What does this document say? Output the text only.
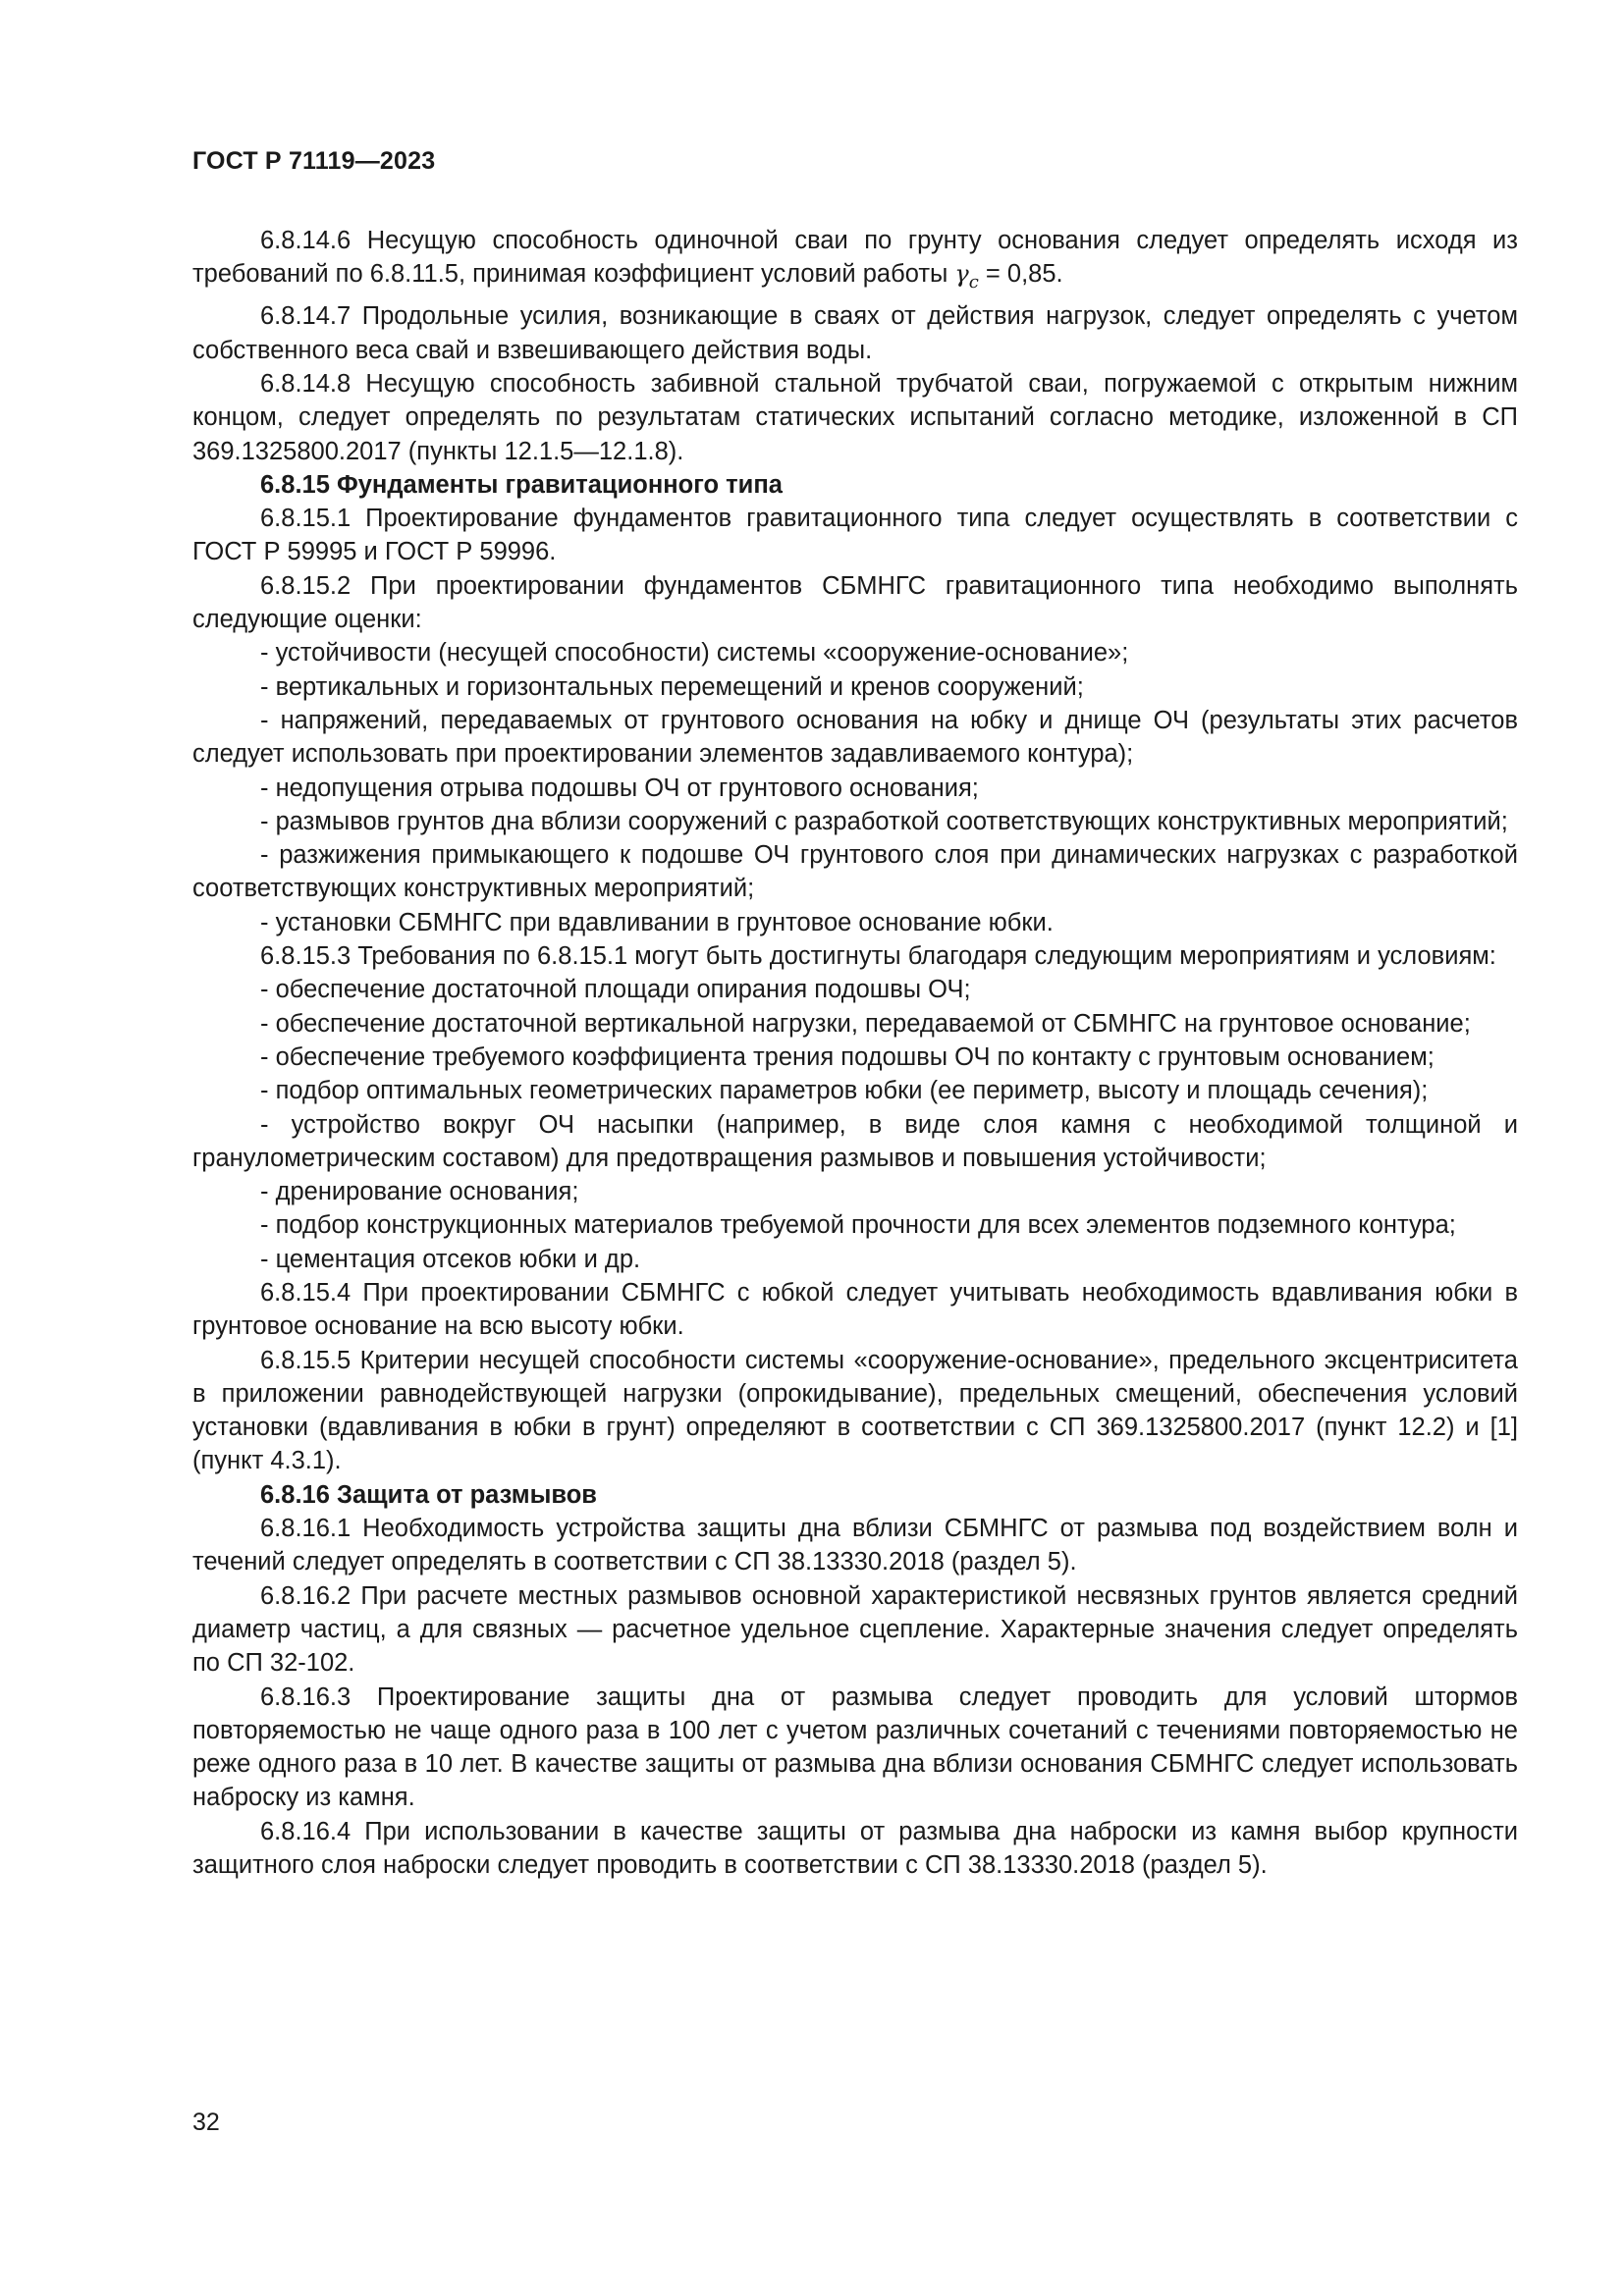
ГОСТ Р 71119—2023

6.8.14.6 Несущую способность одиночной сваи по грунту основания следует определять исходя из требований по 6.8.11.5, принимая коэффициент условий работы $\gamma_c = 0,85$.

6.8.14.7 Продольные усилия, возникающие в сваях от действия нагрузок, следует определять с учетом собственного веса свай и взвешивающего действия воды.

6.8.14.8 Несущую способность забивной стальной трубчатой сваи, погружаемой с открытым нижним концом, следует определять по результатам статических испытаний согласно методике, изложенной в СП 369.1325800.2017 (пункты 12.1.5—12.1.8).

6.8.15 Фундаменты гравитационного типа

6.8.15.1 Проектирование фундаментов гравитационного типа следует осуществлять в соответствии с ГОСТ Р 59995 и ГОСТ Р 59996.

6.8.15.2 При проектировании фундаментов СБМНГС гравитационного типа необходимо выполнять следующие оценки:

- устойчивости (несущей способности) системы «сооружение-основание»;

- вертикальных и горизонтальных перемещений и кренов сооружений;

- напряжений, передаваемых от грунтового основания на юбку и днище ОЧ (результаты этих расчетов следует использовать при проектировании элементов задавливаемого контура);

- недопущения отрыва подошвы ОЧ от грунтового основания;

- размывов грунтов дна вблизи сооружений с разработкой соответствующих конструктивных мероприятий;

- разжижения примыкающего к подошве ОЧ грунтового слоя при динамических нагрузках с разработкой соответствующих конструктивных мероприятий;

- установки СБМНГС при вдавливании в грунтовое основание юбки.

6.8.15.3 Требования по 6.8.15.1 могут быть достигнуты благодаря следующим мероприятиям и условиям:

- обеспечение достаточной площади опирания подошвы ОЧ;

- обеспечение достаточной вертикальной нагрузки, передаваемой от СБМНГС на грунтовое основание;

- обеспечение требуемого коэффициента трения подошвы ОЧ по контакту с грунтовым основанием;

- подбор оптимальных геометрических параметров юбки (ее периметр, высоту и площадь сечения);

- устройство вокруг ОЧ насыпки (например, в виде слоя камня с необходимой толщиной и гранулометрическим составом) для предотвращения размывов и повышения устойчивости;

- дренирование основания;

- подбор конструкционных материалов требуемой прочности для всех элементов подземного контура;

- цементация отсеков юбки и др.

6.8.15.4 При проектировании СБМНГС с юбкой следует учитывать необходимость вдавливания юбки в грунтовое основание на всю высоту юбки.

6.8.15.5 Критерии несущей способности системы «сооружение-основание», предельного эксцентриситета в приложении равнодействующей нагрузки (опрокидывание), предельных смещений, обеспечения условий установки (вдавливания в юбки в грунт) определяют в соответствии с СП 369.1325800.2017 (пункт 12.2) и [1] (пункт 4.3.1).

6.8.16 Защита от размывов

6.8.16.1 Необходимость устройства защиты дна вблизи СБМНГС от размыва под воздействием волн и течений следует определять в соответствии с СП 38.13330.2018 (раздел 5).

6.8.16.2 При расчете местных размывов основной характеристикой несвязных грунтов является средний диаметр частиц, а для связных — расчетное удельное сцепление. Характерные значения следует определять по СП 32-102.

6.8.16.3 Проектирование защиты дна от размыва следует проводить для условий штормов повторяемостью не чаще одного раза в 100 лет с учетом различных сочетаний с течениями повторяемостью не реже одного раза в 10 лет. В качестве защиты от размыва дна вблизи основания СБМНГС следует использовать наброску из камня.

6.8.16.4 При использовании в качестве защиты от размыва дна наброски из камня выбор крупности защитного слоя наброски следует проводить в соответствии с СП 38.13330.2018 (раздел 5).

32
